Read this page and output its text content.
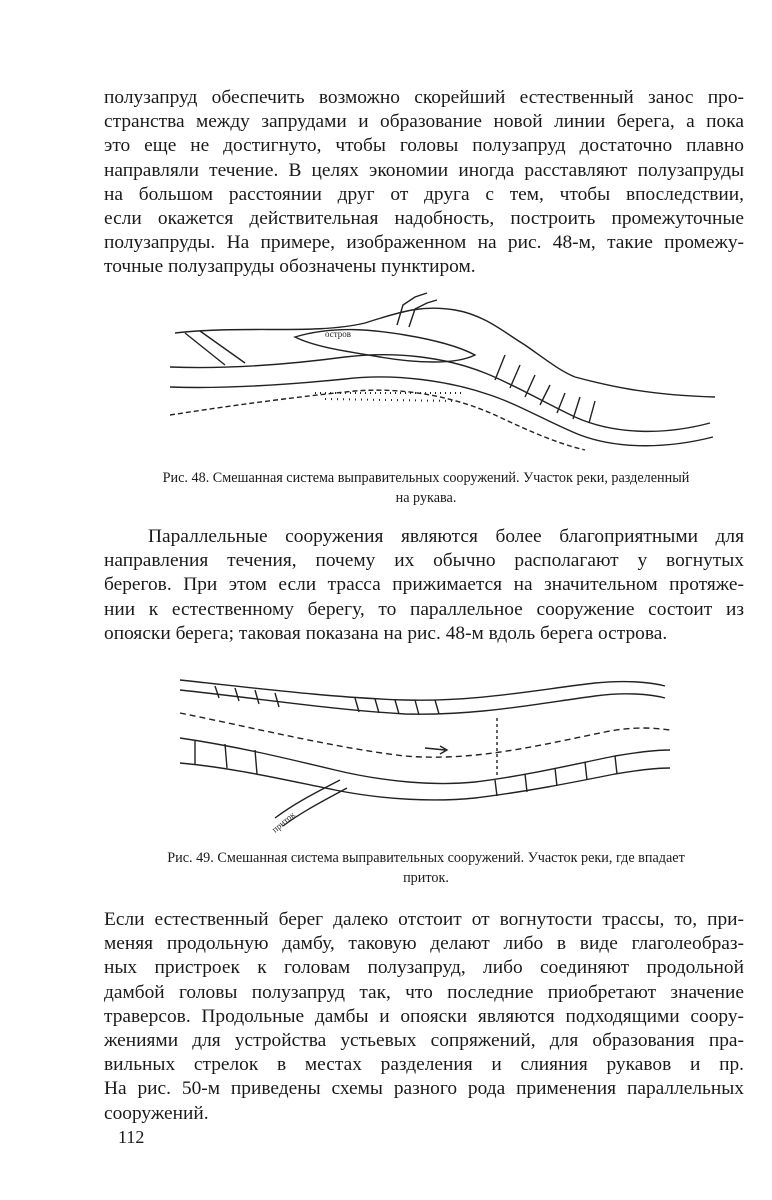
полузапруд обеспечить возможно скорейший естественный занос про-
странства между запрудами и образование новой линии берега, а пока
это еще не достигнуто, чтобы головы полузапруд достаточно плавно
направляли течение. В целях экономии иногда расставляют полузапруды
на большом расстоянии друг от друга с тем, чтобы впоследствии,
если окажется действительная надобность, построить промежуточные
полузапруды. На примере, изображенном на рис. 48-м, такие промежу-
точные полузапруды обозначены пунктиром.
остров
Рис. 48. Смешанная система выправительных сооружений. Участок реки, разделенный
на рукава.
Параллельные сооружения являются более благоприятными для
направления течения, почему их обычно располагают у вогнутых
берегов. При этом если трасса прижимается на значительном протяже-
нии к естественному берегу, то параллельное сооружение состоит из
опояски берега; таковая показана на рис. 48-м вдоль берега острова.
приток
Рис. 49. Смешанная система выправительных сооружений. Участок реки, где впадает
приток.
Если естественный берег далеко отстоит от вогнутости трассы, то, при-
меняя продольную дамбу, таковую делают либо в виде глаголеобраз-
ных пристроек к головам полузапруд, либо соединяют продольной
дамбой головы полузапруд так, что последние приобретают значение
траверсов. Продольные дамбы и опояски являются подходящими соору-
жениями для устройства устьевых сопряжений, для образования пра-
вильных стрелок в местах разделения и слияния рукавов и пр.
На рис. 50-м приведены схемы разного рода применения параллельных
сооружений.
112
